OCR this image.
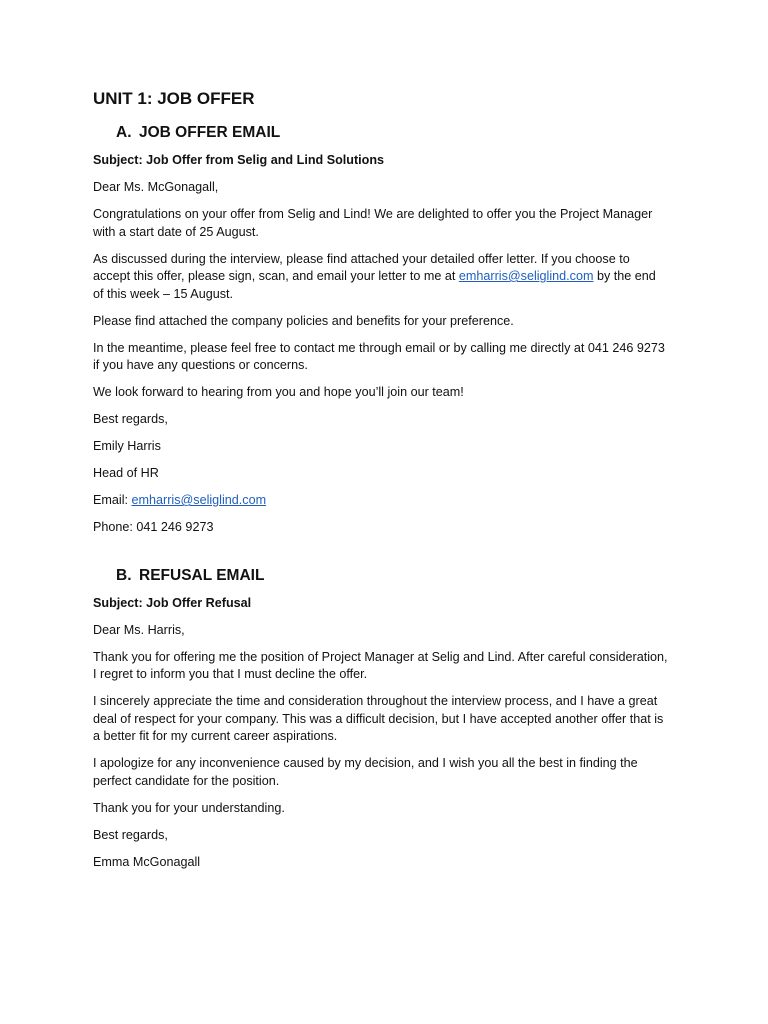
UNIT 1: JOB OFFER
A. JOB OFFER EMAIL

Subject: Job Offer from Selig and Lind Solutions

Dear Ms. McGonagall,

Congratulations on your offer from Selig and Lind! We are delighted to offer you the Project Manager with a start date of 25 August.

As discussed during the interview, please find attached your detailed offer letter. If you choose to accept this offer, please sign, scan, and email your letter to me at emharris@seliglind.com by the end of this week – 15 August.

Please find attached the company policies and benefits for your preference.

In the meantime, please feel free to contact me through email or by calling me directly at 041 246 9273 if you have any questions or concerns.

We look forward to hearing from you and hope you’ll join our team!

Best regards,

Emily Harris

Head of HR

Email: emharris@seliglind.com

Phone: 041 246 9273

B. REFUSAL EMAIL

Subject: Job Offer Refusal

Dear Ms. Harris,

Thank you for offering me the position of Project Manager at Selig and Lind. After careful consideration, I regret to inform you that I must decline the offer.

I sincerely appreciate the time and consideration throughout the interview process, and I have a great deal of respect for your company. This was a difficult decision, but I have accepted another offer that is a better fit for my current career aspirations.

I apologize for any inconvenience caused by my decision, and I wish you all the best in finding the perfect candidate for the position.

Thank you for your understanding.

Best regards,

Emma McGonagall
